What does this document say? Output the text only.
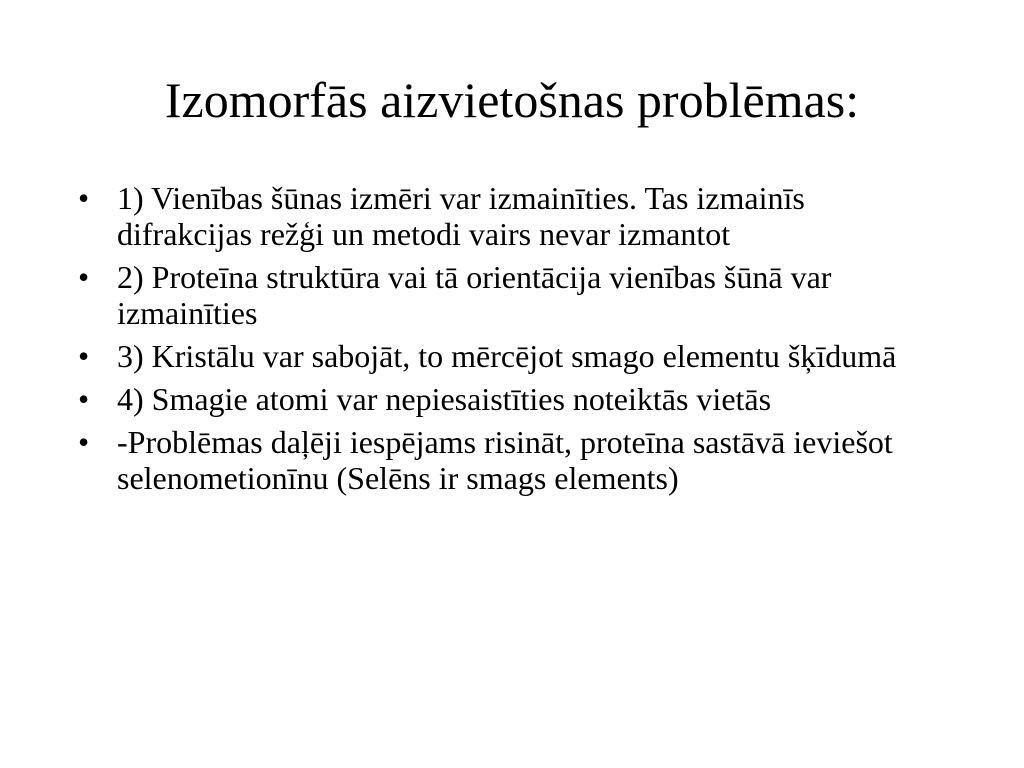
Izomorfās aizvietošnas problēmas:
• 1) Vienības šūnas izmēri var izmainīties. Tas izmainīs difrakcijas režģi un metodi vairs nevar izmantot
• 2) Proteīna struktūra vai tā orientācija vienības šūnā var izmainīties
• 3) Kristālu var sabojāt, to mērcējot smago elementu šķīdumā
• 4) Smagie atomi var nepiesaistīties noteiktās vietās
• -Problēmas daļēji iespējams risināt, proteīna sastāvā ieviešot selenometionīnu (Selēns ir smags elements)
